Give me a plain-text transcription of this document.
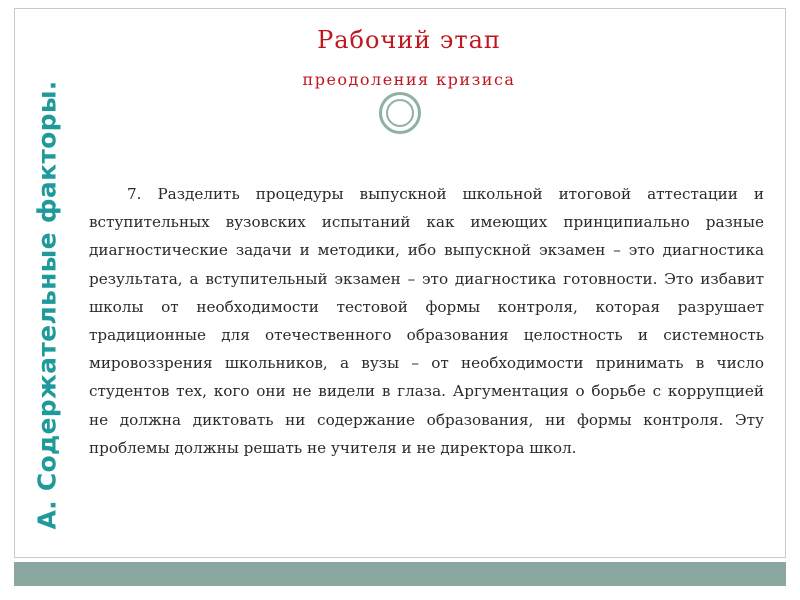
А. Содержательные факторы.
Рабочий этап
преодоления кризиса

7. Разделить процедуры выпускной школьной итоговой аттестации и вступительных вузовских испытаний как имеющих принципиально разные диагностические задачи и методики, ибо выпускной экзамен – это диагностика результата, а вступительный экзамен – это диагностика готовности. Это избавит школы от необходимости тестовой формы контроля, которая разрушает традиционные для отечественного образования целостность и системность мировоззрения школьников, а вузы – от необходимости принимать в число студентов тех, кого они не видели в глаза. Аргументация о борьбе с коррупцией не должна диктовать ни содержание образования, ни формы контроля. Эту проблемы должны решать не учителя и не директора школ.
